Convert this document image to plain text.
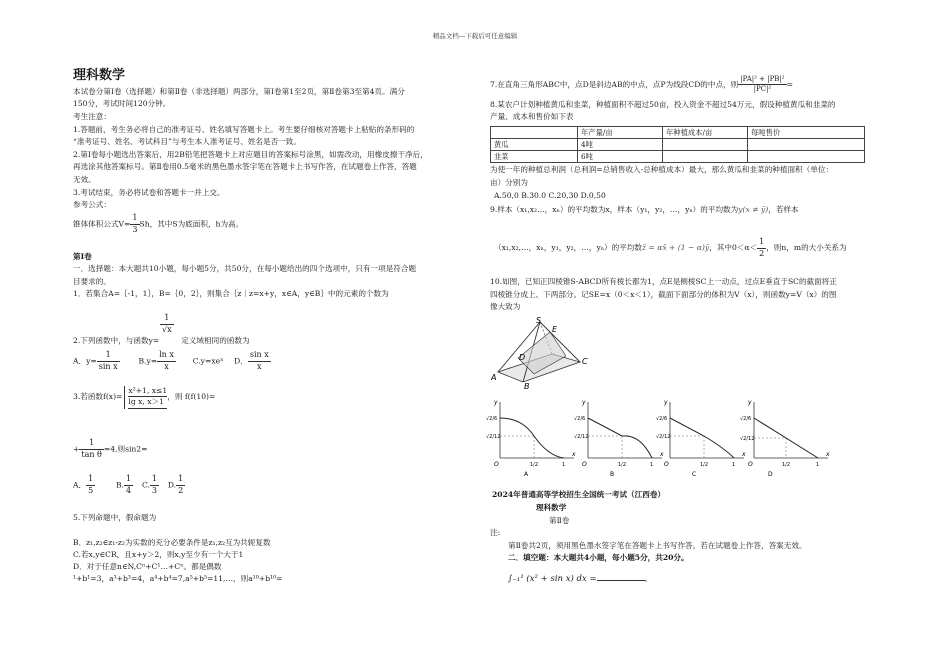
精品文档---下载后可任意编辑
理科数学
本试卷分第Ⅰ卷（选择题）和第Ⅱ卷（非选择题）两部分，第Ⅰ卷第1至2页，第Ⅱ卷第3至第4页。满分
150分，考试时间120分钟。
考生注意：
1.答题前，考生务必将自己的准考证号、姓名填写答题卡上。考生要仔细核对答题卡上粘贴的条形码的
“准考证号、姓名、考试科目”与考生本人准考证号、姓名是否一致。
2.第Ⅰ卷每小题选出答案后，用2B铅笔把答题卡上对应题目的答案标号涂黑，如需改动，用橡皮擦干净后，
再选涂其他答案标号。第Ⅱ卷用0.5毫米的黑色墨水签字笔在答题卡上书写作答，在试题卷上作答，答题
无效。
3.考试结束，务必将试卷和答题卡一并上交。
参考公式：
锥体体积公式$V= \frac{1}{3}$ Sh，其中S为底面积，h为高。
第Ⅰ卷
一．选择题：本大题共10小题，每小题5分，共50分，在每小题给出的四个选项中，只有一项是符合题
目要求的。
1．若集合A=｛-1，1｝，B=｛0，2｝，则集合｛z｜z=x+y，x∈A，y∈B｝中的元素的个数为
$\frac{1}{√x}$
2.下列函数中，与函数y=	定义域相同的函数为
A．$y= \frac{1}{\text{sin x}} B.y= \frac{\text{ln x}}{x}$ C.y=xeˣ D． $\frac{\text{sin x}}{x}$
3.若函数$f(x)= \frac{\text{x²+1, x≤1}}{\text{lg x, x＞1}}$ ，则 f(f(10)=
+ $\frac{1}{\text{tan θ}} =4$,则sin2=
A． $\frac{1}{5}$	B. $\frac{1}{4} C$. $\frac{1}{3} D$. $\frac{1}{2}$
5.下列命题中，假命题为
B．z₁,z₂∈z₁-z₂为实数的充分必要条件是z₁,z₂互为共轭复数
C.若x,y∈CR，且x+y＞2，则x,y至少有一个大于1
D．对于任意n∈N,Cⁿ+C¹…+Cⁿ。都是偶数
¹+b¹=3，a³+b³=4，a⁴+b⁴=7,a⁵+b⁵=11,…，则a¹⁰+b¹⁰=
7.在直角三角形ABC中，点D是斜边AB的中点，点P为线段CD的中点，则 $\frac{\text{|PA|² + |PB|²}}{\text{|PC|²}}$ =
8.某农户计划种植黄瓜和韭菜，种植面积不超过50亩，投入资金不超过54万元，假设种植黄瓜和韭菜的
产量、成本和售价如下表
	年产量/亩	年种植成本/亩	每吨售价
黄瓜	4吨		
韭菜	6吨		
为使一年的种植总利润（总利润=总销售收入-总种植成本）最大，那么黄瓜和韭菜的种植面积（单位：
亩）分别为
A.50,0 B.30.0 C.20,30 D.0,50
9.样本（x₁,x₂…，xₙ）的平均数为x，样本（y₁，y₂，…，yₙ）的平均数为y(x ≠ ȳ)，若样本
（x₁,x₂,…，xₙ，y₁，y₂，…，yₙ）的平均数z̄ = αx̄ + (1 − α)ȳ，其中$0<\alpha< \frac{1}{2}$ ，则n，m的大小关系为
10.如图，已知正四棱锥S-ABCD所有棱长都为1，点E是侧棱SC上一动点，过点E垂直于SC的截面将正
四棱锥分成上、下两部分。记SE=x（0＜x＜1），截面下面部分的体积为V（x），则函数y=V（x）的图
像大致为
S
E
D	C
A
B
y
√2/6
√2/12
O	1/2	1
x
A
y
√2/6
√2/12
O	1/2	1
x
B
y
√2/6
√2/12
O	1/2	1
x
C
y
√2/6
√2/12
O	1/2	1
x
D
2024年普通高等学校招生全国统一考试（江西卷）
理科数学
第Ⅱ卷
注:
第Ⅱ卷共2页，须用黑色墨水签字笔在答题卡上书写作答。若在试题卷上作答，答案无效。
二．填空题：本大题共4小题，每小题5分，共20分。
∫₋₁¹ (x² + sin x) dx =	。
